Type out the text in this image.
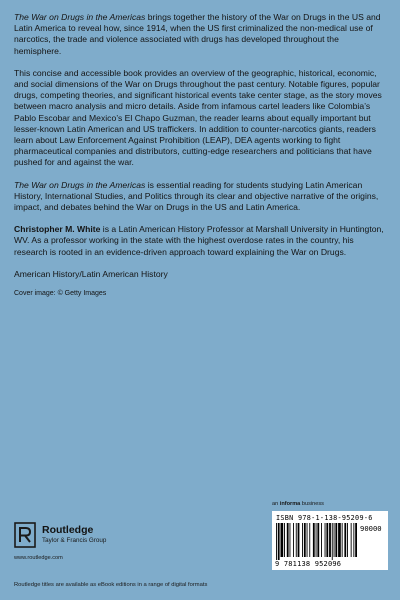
The War on Drugs in the Americas brings together the history of the War on Drugs in the US and Latin America to reveal how, since 1914, when the US first criminalized the non-medical use of narcotics, the trade and violence associated with drugs has developed throughout the hemisphere.

This concise and accessible book provides an overview of the geographic, historical, economic, and social dimensions of the War on Drugs throughout the past century. Notable figures, popular drugs, competing theories, and significant historical events take center stage, as the story moves between macro analysis and micro details. Aside from infamous cartel leaders like Colombia’s Pablo Escobar and Mexico’s El Chapo Guzman, the reader learns about equally important but lesser-known Latin American and US traffickers. In addition to counter-narcotics giants, readers learn about Law Enforcement Against Prohibition (LEAP), DEA agents working to fight pharmaceutical companies and distributors, cutting-edge researchers and politicians that have pushed for and against the war.

The War on Drugs in the Americas is essential reading for students studying Latin American History, International Studies, and Politics through its clear and objective narrative of the origins, impact, and debates behind the War on Drugs in the US and Latin America.

Christopher M. White is a Latin American History Professor at Marshall University in Huntington, WV. As a professor working in the state with the highest overdose rates in the country, his research is rooted in an evidence-driven approach toward explaining the War on Drugs.

American History/Latin American History

Cover image: © Getty Images

an informa business
ISBN 978-1-138-95209-6
90000
9 781138 952096
Routledge
Taylor & Francis Group
www.routledge.com
Routledge titles are available as eBook editions in a range of digital formats
